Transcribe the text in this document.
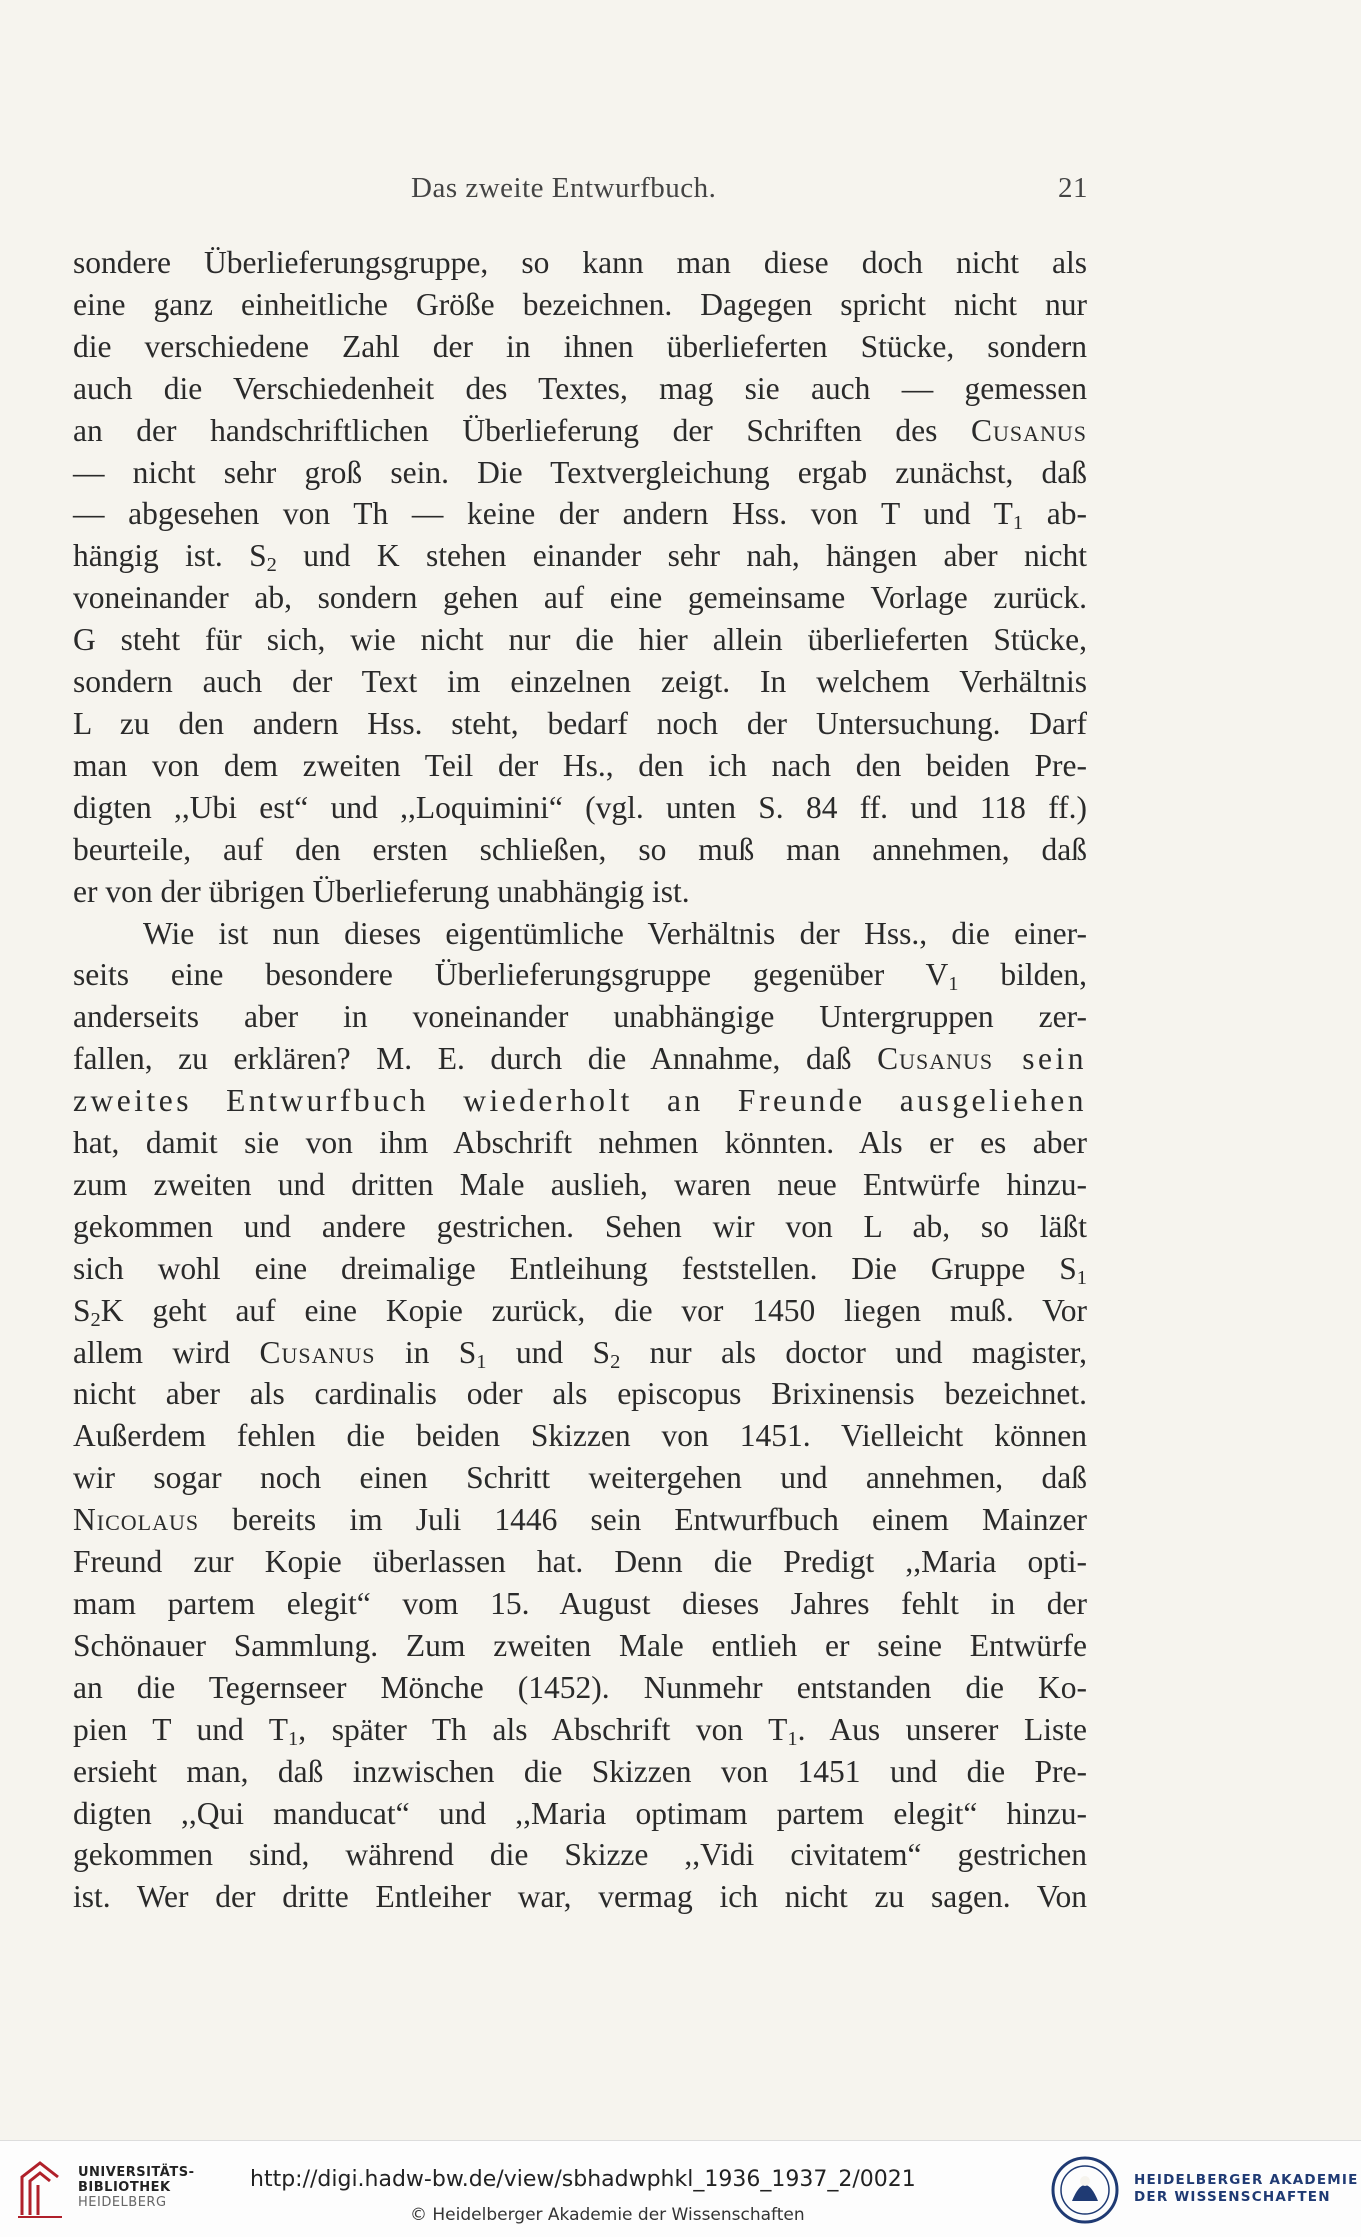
Das zweite Entwurfbuch.	21
sondere Überlieferungsgruppe, so kann man diese doch nicht als
eine ganz einheitliche Größe bezeichnen. Dagegen spricht nicht nur
die verschiedene Zahl der in ihnen überlieferten Stücke, sondern
auch die Verschiedenheit des Textes, mag sie auch — gemessen
an der handschriftlichen Überlieferung der Schriften des Cusanus
— nicht sehr groß sein. Die Textvergleichung ergab zunächst, daß
— abgesehen von Th — keine der andern Hss. von T und $T_1$ ab-
hängig ist. $S_2$ und K stehen einander sehr nah, hängen aber nicht
voneinander ab, sondern gehen auf eine gemeinsame Vorlage zurück.
G steht für sich, wie nicht nur die hier allein überlieferten Stücke,
sondern auch der Text im einzelnen zeigt. In welchem Verhältnis
L zu den andern Hss. steht, bedarf noch der Untersuchung. Darf
man von dem zweiten Teil der Hs., den ich nach den beiden Pre-
digten ,,Ubi est“ und ,,Loquimini“ (vgl. unten S. 84 ff. und 118 ff.)
beurteile, auf den ersten schließen, so muß man annehmen, daß
er von der übrigen Überlieferung unabhängig ist.
Wie ist nun dieses eigentümliche Verhältnis der Hss., die einer-
seits eine besondere Überlieferungsgruppe gegenüber $V_1$ bilden,
anderseits aber in voneinander unabhängige Untergruppen zer-
fallen, zu erklären? M. E. durch die Annahme, daß Cusanus sein
zweites Entwurfbuch wiederholt an Freunde ausgeliehen
hat, damit sie von ihm Abschrift nehmen könnten. Als er es aber
zum zweiten und dritten Male auslieh, waren neue Entwürfe hinzu-
gekommen und andere gestrichen. Sehen wir von L ab, so läßt
sich wohl eine dreimalige Entleihung feststellen. Die Gruppe $S_1$
$S_2K$ geht auf eine Kopie zurück, die vor 1450 liegen muß. Vor
allem wird Cusanus in $S_1$ und $S_2$ nur als doctor und magister,
nicht aber als cardinalis oder als episcopus Brixinensis bezeichnet.
Außerdem fehlen die beiden Skizzen von 1451. Vielleicht können
wir sogar noch einen Schritt weitergehen und annehmen, daß
Nicolaus bereits im Juli 1446 sein Entwurfbuch einem Mainzer
Freund zur Kopie überlassen hat. Denn die Predigt ,,Maria opti-
mam partem elegit“ vom 15. August dieses Jahres fehlt in der
Schönauer Sammlung. Zum zweiten Male entlieh er seine Entwürfe
an die Tegernseer Mönche (1452). Nunmehr entstanden die Ko-
pien T und $T_1$, später Th als Abschrift von $T_1$. Aus unserer Liste
ersieht man, daß inzwischen die Skizzen von 1451 und die Pre-
digten ,,Qui manducat“ und ,,Maria optimam partem elegit“ hinzu-
gekommen sind, während die Skizze ,,Vidi civitatem“ gestrichen
ist. Wer der dritte Entleiher war, vermag ich nicht zu sagen. Von
UNIVERSITÄTS-
BIBLIOTHEK
HEIDELBERG
http://digi.hadw-bw.de/view/sbhadwphkl_1936_1937_2/0021
© Heidelberger Akademie der Wissenschaften
HEIDELBERGER AKADEMIE
DER WISSENSCHAFTEN
